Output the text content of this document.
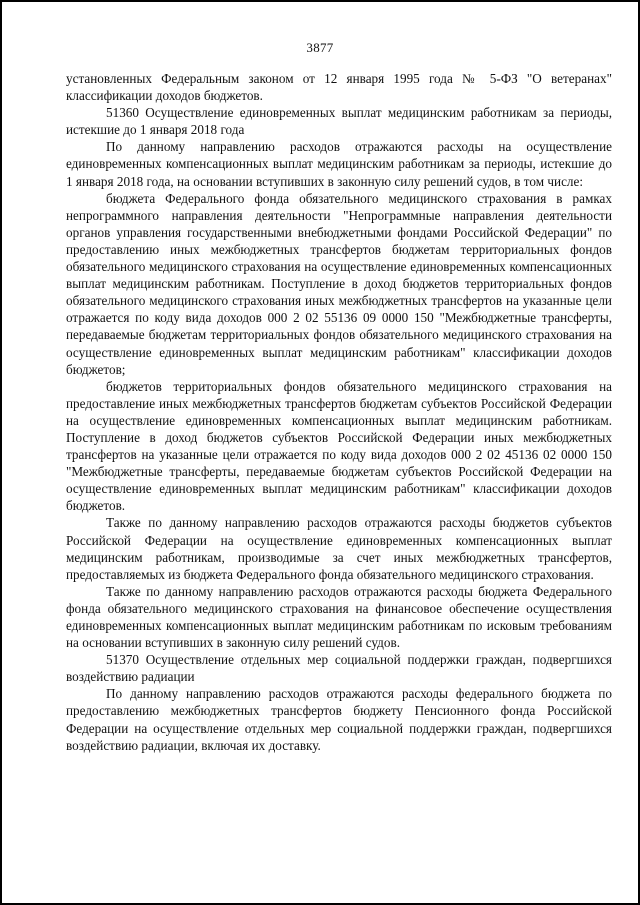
3877

установленных Федеральным законом от 12 января 1995 года № 5-ФЗ "О ветеранах" классификации доходов бюджетов.

51360 Осуществление единовременных выплат медицинским работникам за периоды, истекшие до 1 января 2018 года

По данному направлению расходов отражаются расходы на осуществление единовременных компенсационных выплат медицинским работникам за периоды, истекшие до 1 января 2018 года, на основании вступивших в законную силу решений судов, в том числе:

бюджета Федерального фонда обязательного медицинского страхования в рамках непрограммного направления деятельности "Непрограммные направления деятельности органов управления государственными внебюджетными фондами Российской Федерации" по предоставлению иных межбюджетных трансфертов бюджетам территориальных фондов обязательного медицинского страхования на осуществление единовременных компенсационных выплат медицинским работникам. Поступление в доход бюджетов территориальных фондов обязательного медицинского страхования иных межбюджетных трансфертов на указанные цели отражается по коду вида доходов 000 2 02 55136 09 0000 150 "Межбюджетные трансферты, передаваемые бюджетам территориальных фондов обязательного медицинского страхования на осуществление единовременных выплат медицинским работникам" классификации доходов бюджетов;

бюджетов территориальных фондов обязательного медицинского страхования на предоставление иных межбюджетных трансфертов бюджетам субъектов Российской Федерации на осуществление единовременных компенсационных выплат медицинским работникам. Поступление в доход бюджетов субъектов Российской Федерации иных межбюджетных трансфертов на указанные цели отражается по коду вида доходов 000 2 02 45136 02 0000 150 "Межбюджетные трансферты, передаваемые бюджетам субъектов Российской Федерации на осуществление единовременных выплат медицинским работникам" классификации доходов бюджетов.

Также по данному направлению расходов отражаются расходы бюджетов субъектов Российской Федерации на осуществление единовременных компенсационных выплат медицинским работникам, производимые за счет иных межбюджетных трансфертов, предоставляемых из бюджета Федерального фонда обязательного медицинского страхования.

Также по данному направлению расходов отражаются расходы бюджета Федерального фонда обязательного медицинского страхования на финансовое обеспечение осуществления единовременных компенсационных выплат медицинским работникам по исковым требованиям на основании вступивших в законную силу решений судов.

51370 Осуществление отдельных мер социальной поддержки граждан, подвергшихся воздействию радиации

По данному направлению расходов отражаются расходы федерального бюджета по предоставлению межбюджетных трансфертов бюджету Пенсионного фонда Российской Федерации на осуществление отдельных мер социальной поддержки граждан, подвергшихся воздействию радиации, включая их доставку.
